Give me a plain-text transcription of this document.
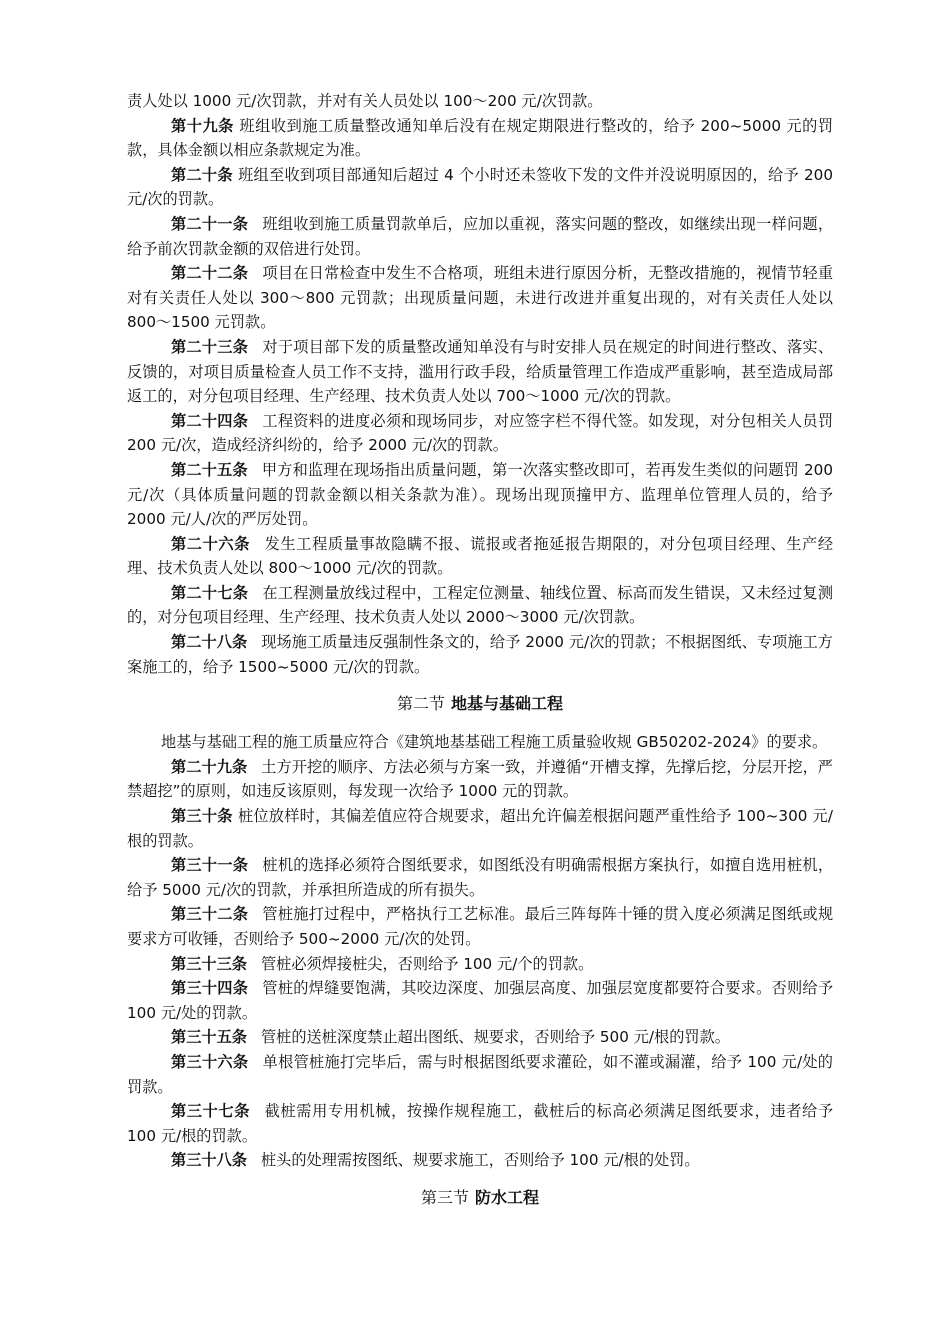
责人处以 1000 元/次罚款，并对有关人员处以 100～200 元/次罚款。

第十九条 班组收到施工质量整改通知单后没有在规定期限进行整改的，给予 200~5000 元的罚款，具体金额以相应条款规定为准。

第二十条 班组至收到项目部通知后超过 4 个小时还未签收下发的文件并没说明原因的，给予 200 元/次的罚款。

第二十一条 班组收到施工质量罚款单后，应加以重视，落实问题的整改，如继续出现一样问题，给予前次罚款金额的双倍进行处罚。

第二十二条 项目在日常检查中发生不合格项，班组未进行原因分析，无整改措施的，视情节轻重对有关责任人处以 300～800 元罚款；出现质量问题，未进行改进并重复出现的，对有关责任人处以 800～1500 元罚款。

第二十三条 对于项目部下发的质量整改通知单没有与时安排人员在规定的时间进行整改、落实、反馈的，对项目质量检查人员工作不支持，滥用行政手段，给质量管理工作造成严重影响，甚至造成局部返工的，对分包项目经理、生产经理、技术负责人处以 700～1000 元/次的罚款。

第二十四条 工程资料的进度必须和现场同步，对应签字栏不得代签。如发现，对分包相关人员罚 200 元/次，造成经济纠纷的，给予 2000 元/次的罚款。

第二十五条 甲方和监理在现场指出质量问题，第一次落实整改即可，若再发生类似的问题罚 200 元/次（具体质量问题的罚款金额以相关条款为准）。现场出现顶撞甲方、监理单位管理人员的，给予 2000 元/人/次的严厉处罚。

第二十六条 发生工程质量事故隐瞒不报、谎报或者拖延报告期限的，对分包项目经理、生产经理、技术负责人处以 800～1000 元/次的罚款。

第二十七条 在工程测量放线过程中，工程定位测量、轴线位置、标高而发生错误，又未经过复测的，对分包项目经理、生产经理、技术负责人处以 2000～3000 元/次罚款。

第二十八条 现场施工质量违反强制性条文的，给予 2000 元/次的罚款；不根据图纸、专项施工方案施工的，给予 1500~5000 元/次的罚款。

第二节 地基与基础工程

地基与基础工程的施工质量应符合《建筑地基基础工程施工质量验收规 GB50202-2024》的要求。

第二十九条 土方开挖的顺序、方法必须与方案一致，并遵循“开槽支撑，先撑后挖，分层开挖，严禁超挖”的原则，如违反该原则，每发现一次给予 1000 元的罚款。

第三十条 桩位放样时，其偏差值应符合规要求，超出允许偏差根据问题严重性给予 100~300 元/根的罚款。

第三十一条 桩机的选择必须符合图纸要求，如图纸没有明确需根据方案执行，如擅自选用桩机，给予 5000 元/次的罚款，并承担所造成的所有损失。

第三十二条 管桩施打过程中，严格执行工艺标准。最后三阵每阵十锤的贯入度必须满足图纸或规要求方可收锤，否则给予 500~2000 元/次的处罚。

第三十三条 管桩必须焊接桩尖，否则给予 100 元/个的罚款。

第三十四条 管桩的焊缝要饱满，其咬边深度、加强层高度、加强层宽度都要符合要求。否则给予 100 元/处的罚款。

第三十五条 管桩的送桩深度禁止超出图纸、规要求，否则给予 500 元/根的罚款。

第三十六条 单根管桩施打完毕后，需与时根据图纸要求灌砼，如不灌或漏灌，给予 100 元/处的罚款。

第三十七条 截桩需用专用机械，按操作规程施工，截桩后的标高必须满足图纸要求，违者给予 100 元/根的罚款。

第三十八条 桩头的处理需按图纸、规要求施工，否则给予 100 元/根的处罚。

第三节 防水工程
